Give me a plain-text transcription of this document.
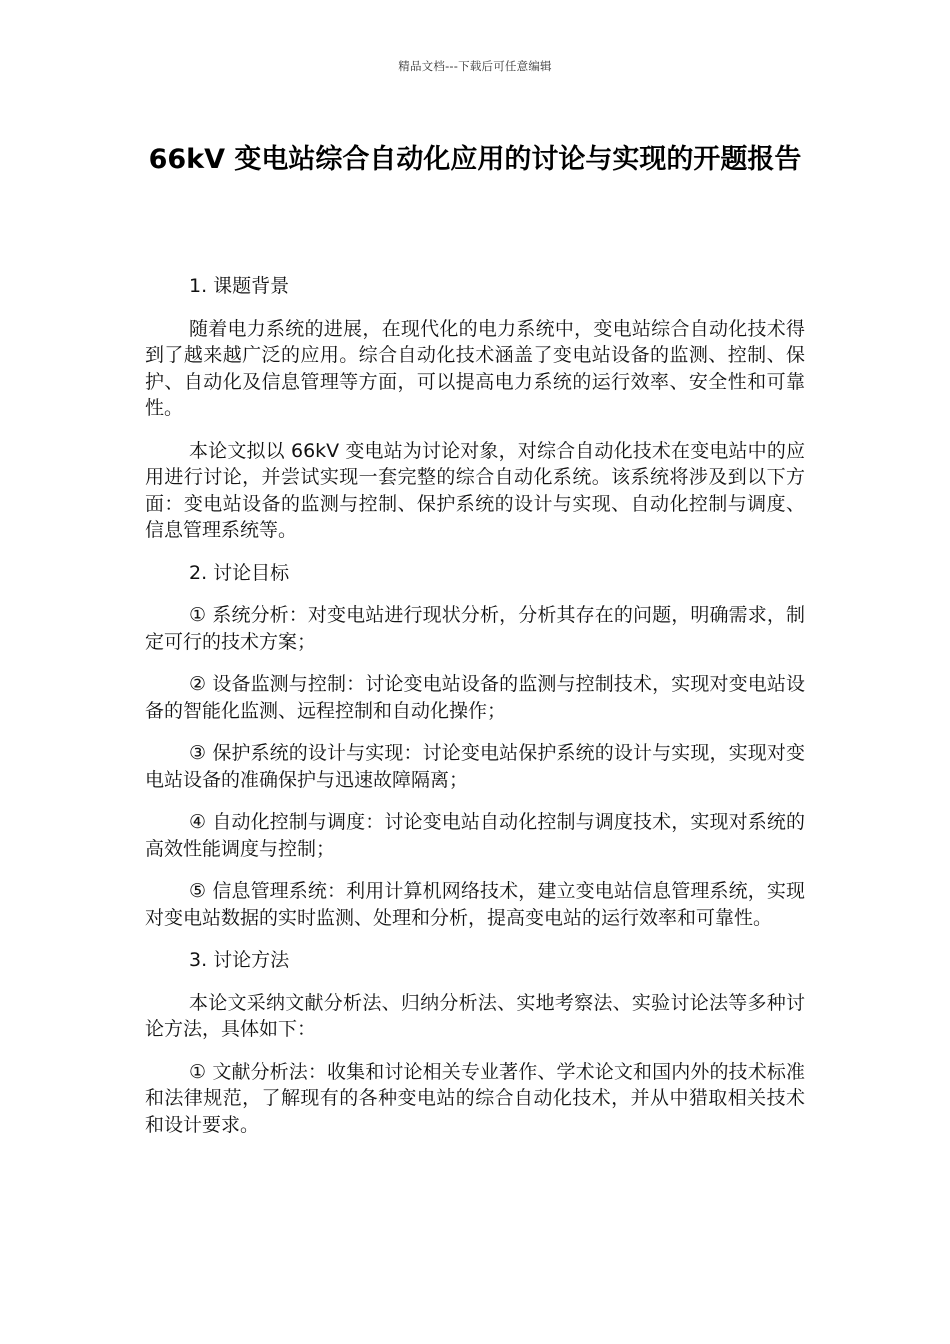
精品文档---下载后可任意编辑
66kV 变电站综合自动化应用的讨论与实现的开题报告

1. 课题背景

随着电力系统的进展，在现代化的电力系统中，变电站综合自动化技术得到了越来越广泛的应用。综合自动化技术涵盖了变电站设备的监测、控制、保护、自动化及信息管理等方面，可以提高电力系统的运行效率、安全性和可靠性。

本论文拟以 66kV 变电站为讨论对象，对综合自动化技术在变电站中的应用进行讨论，并尝试实现一套完整的综合自动化系统。该系统将涉及到以下方面：变电站设备的监测与控制、保护系统的设计与实现、自动化控制与调度、信息管理系统等。

2. 讨论目标

① 系统分析：对变电站进行现状分析，分析其存在的问题，明确需求，制定可行的技术方案；

② 设备监测与控制：讨论变电站设备的监测与控制技术，实现对变电站设备的智能化监测、远程控制和自动化操作；

③ 保护系统的设计与实现：讨论变电站保护系统的设计与实现，实现对变电站设备的准确保护与迅速故障隔离；

④ 自动化控制与调度：讨论变电站自动化控制与调度技术，实现对系统的高效性能调度与控制；

⑤ 信息管理系统：利用计算机网络技术，建立变电站信息管理系统，实现对变电站数据的实时监测、处理和分析，提高变电站的运行效率和可靠性。

3. 讨论方法

本论文采纳文献分析法、归纳分析法、实地考察法、实验讨论法等多种讨论方法，具体如下：

① 文献分析法：收集和讨论相关专业著作、学术论文和国内外的技术标准和法律规范，了解现有的各种变电站的综合自动化技术，并从中猎取相关技术和设计要求。
